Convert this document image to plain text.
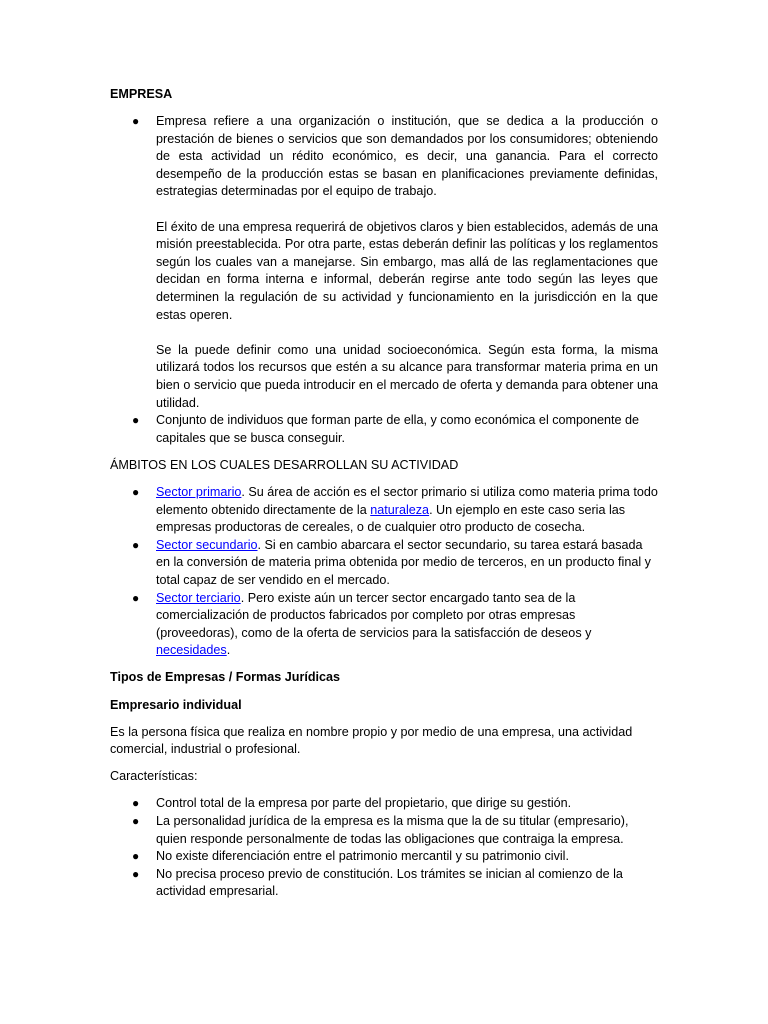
EMPRESA
● Empresa refiere a una organización o institución, que se dedica a la producción o prestación de bienes o servicios que son demandados por los consumidores; obteniendo de esta actividad un rédito económico, es decir, una ganancia. Para el correcto desempeño de la producción estas se basan en planificaciones previamente definidas, estrategias determinadas por el equipo de trabajo.

El éxito de una empresa requerirá de objetivos claros y bien establecidos, además de una misión preestablecida. Por otra parte, estas deberán definir las políticas y los reglamentos según los cuales van a manejarse. Sin embargo, mas allá de las reglamentaciones que decidan en forma interna e informal, deberán regirse ante todo según las leyes que determinen la regulación de su actividad y funcionamiento en la jurisdicción en la que estas operen.

Se la puede definir como una unidad socioeconómica. Según esta forma, la misma utilizará todos los recursos que estén a su alcance para transformar materia prima en un bien o servicio que pueda introducir en el mercado de oferta y demanda para obtener una utilidad.

● Conjunto de individuos que forman parte de ella, y como económica el componente de capitales que se busca conseguir.

ÁMBITOS EN LOS CUALES DESARROLLAN SU ACTIVIDAD
● Sector primario. Su área de acción es el sector primario si utiliza como materia prima todo elemento obtenido directamente de la naturaleza. Un ejemplo en este caso seria las empresas productoras de cereales, o de cualquier otro producto de cosecha.

● Sector secundario. Si en cambio abarcara el sector secundario, su tarea estará basada en la conversión de materia prima obtenida por medio de terceros, en un producto final y total capaz de ser vendido en el mercado.

● Sector terciario. Pero existe aún un tercer sector encargado tanto sea de la comercialización de productos fabricados por completo por otras empresas (proveedoras), como de la oferta de servicios para la satisfacción de deseos y necesidades.

Tipos de Empresas / Formas Jurídicas
Empresario individual

Es la persona física que realiza en nombre propio y por medio de una empresa, una actividad comercial, industrial o profesional.

Características:

● Control total de la empresa por parte del propietario, que dirige su gestión.

● La personalidad jurídica de la empresa es la misma que la de su titular (empresario), quien responde personalmente de todas las obligaciones que contraiga la empresa.

● No existe diferenciación entre el patrimonio mercantil y su patrimonio civil.

● No precisa proceso previo de constitución. Los trámites se inician al comienzo de la actividad empresarial.
